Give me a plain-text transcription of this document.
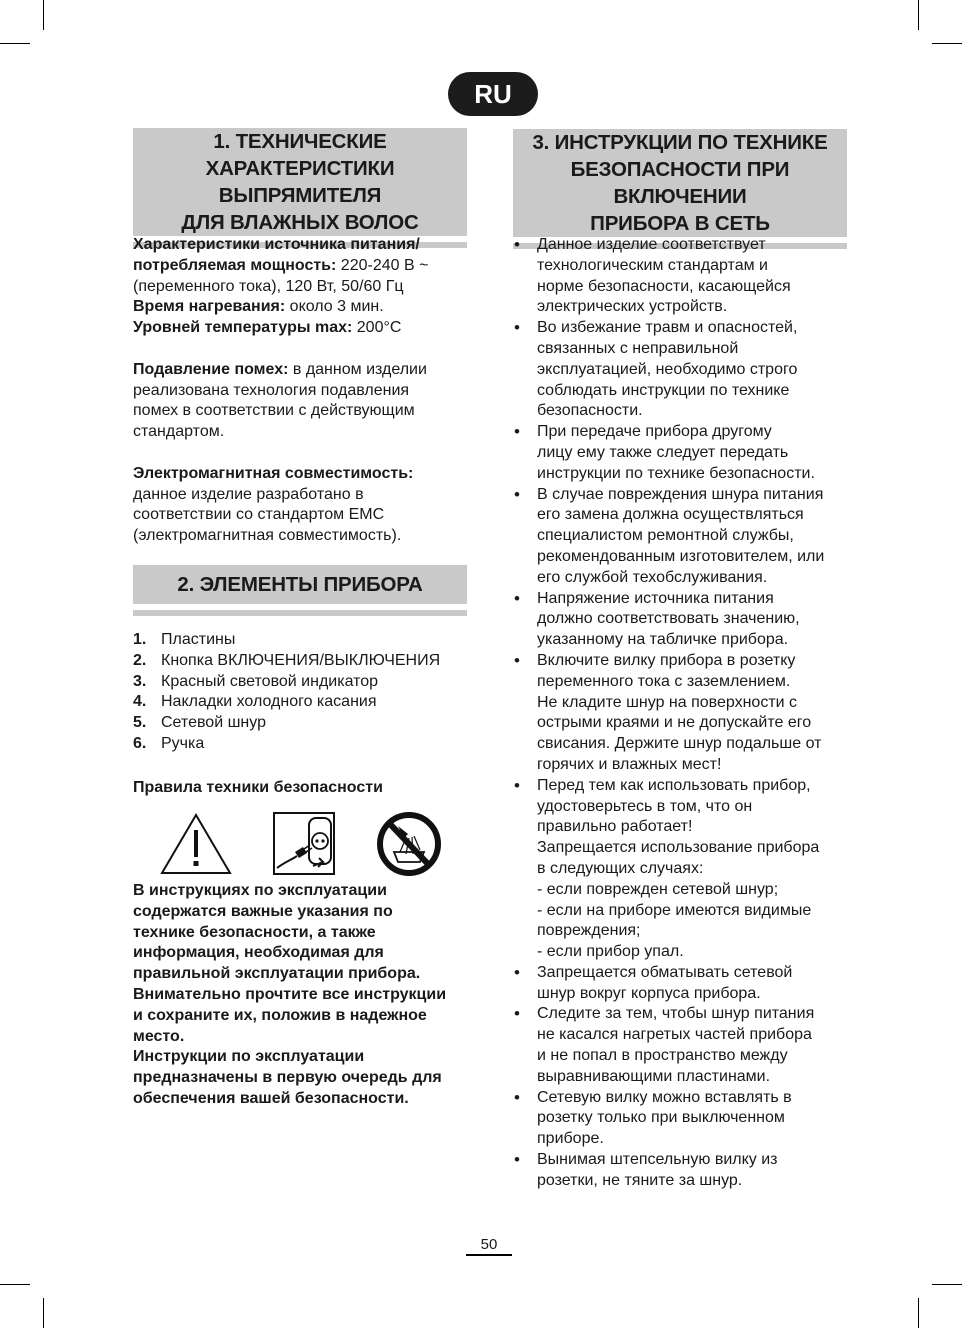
RU
1. ТЕХНИЧЕСКИЕ
ХАРАКТЕРИСТИКИ ВЫПРЯМИТЕЛЯ
ДЛЯ ВЛАЖНЫХ ВОЛОС

Характеристики источника питания/
потребляемая мощность: 220-240 В ~
(переменного тока), 120 Вт, 50/60 Гц

Время нагревания: около 3 мин.

Уровней температуры max: 200°C

Подавление помех: в данном изделии
реализована технология подавления
помех в соответствии с действующим
стандартом.

Электромагнитная совместимость:
данное изделие разработано в
соответствии со стандартом EMC
(электромагнитная совместимость).

2. ЭЛЕМЕНТЫ ПРИБОРА
1. Пластины
2. Кнопка ВКЛЮЧЕНИЯ/ВЫКЛЮЧЕНИЯ
3. Красный световой индикатор
4. Накладки холодного касания
5. Сетевой шнур
6. Ручка
Правила техники безопасности
В инструкциях по эксплуатации
содержатся важные указания по
технике безопасности, а также
информация, необходимая для
правильной эксплуатации прибора.
Внимательно прочтите все инструкции
и сохраните их, положив в надежное
место.
Инструкции по эксплуатации
предназначены в первую очередь для
обеспечения вашей безопасности.
3. ИНСТРУКЦИИ ПО ТЕХНИКЕ
БЕЗОПАСНОСТИ ПРИ ВКЛЮЧЕНИИ
ПРИБОРА В СЕТЬ
• Данное изделие соответствует
технологическим стандартам и
норме безопасности, касающейся
электрических устройств.
• Во избежание травм и опасностей,
связанных с неправильной
эксплуатацией, необходимо строго
соблюдать инструкции по технике
безопасности.
• При передаче прибора другому
лицу ему также следует передать
инструкции по технике безопасности.
• В случае повреждения шнура питания
его замена должна осуществляться
специалистом ремонтной службы,
рекомендованным изготовителем, или
его службой техобслуживания.
• Напряжение источника питания
должно соответствовать значению,
указанному на табличке прибора.
• Включите вилку прибора в розетку
переменного тока с заземлением.
Не кладите шнур на поверхности с
острыми краями и не допускайте его
свисания. Держите шнур подальше от
горячих и влажных мест!
• Перед тем как использовать прибор,
удостоверьтесь в том, что он
правильно работает!
Запрещается использование прибора
в следующих случаях:
- если поврежден сетевой шнур;
- если на приборе имеются видимые
повреждения;
- если прибор упал.
• Запрещается обматывать сетевой
шнур вокруг корпуса прибора.
• Следите за тем, чтобы шнур питания
не касался нагретых частей прибора
и не попал в пространство между
выравнивающими пластинами.
• Сетевую вилку можно вставлять в
розетку только при выключенном
приборе.
• Вынимая штепсельную вилку из
розетки, не тяните за шнур.
50
